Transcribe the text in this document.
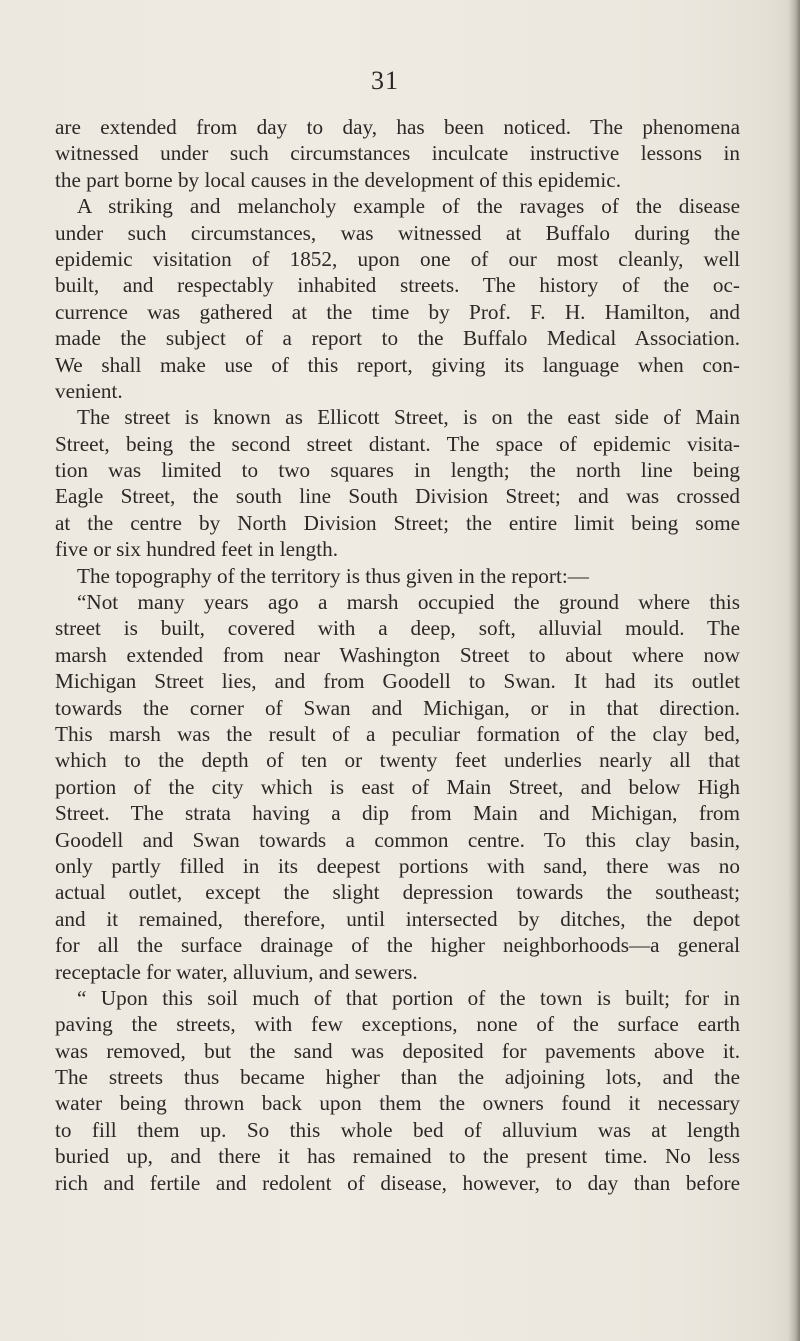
31
are extended from day to day, has been noticed. The phenomena
witnessed under such circumstances inculcate instructive lessons in
the part borne by local causes in the development of this epidemic.
A striking and melancholy example of the ravages of the disease
under such circumstances, was witnessed at Buffalo during the
epidemic visitation of 1852, upon one of our most cleanly, well
built, and respectably inhabited streets. The history of the oc-
currence was gathered at the time by Prof. F. H. Hamilton, and
made the subject of a report to the Buffalo Medical Association.
We shall make use of this report, giving its language when con-
venient.
The street is known as Ellicott Street, is on the east side of Main
Street, being the second street distant. The space of epidemic visita-
tion was limited to two squares in length; the north line being
Eagle Street, the south line South Division Street; and was crossed
at the centre by North Division Street; the entire limit being some
five or six hundred feet in length.
The topography of the territory is thus given in the report:—
“Not many years ago a marsh occupied the ground where this
street is built, covered with a deep, soft, alluvial mould. The
marsh extended from near Washington Street to about where now
Michigan Street lies, and from Goodell to Swan. It had its outlet
towards the corner of Swan and Michigan, or in that direction.
This marsh was the result of a peculiar formation of the clay bed,
which to the depth of ten or twenty feet underlies nearly all that
portion of the city which is east of Main Street, and below High
Street. The strata having a dip from Main and Michigan, from
Goodell and Swan towards a common centre. To this clay basin,
only partly filled in its deepest portions with sand, there was no
actual outlet, except the slight depression towards the southeast;
and it remained, therefore, until intersected by ditches, the depot
for all the surface drainage of the higher neighborhoods—a general
receptacle for water, alluvium, and sewers.
“ Upon this soil much of that portion of the town is built; for in
paving the streets, with few exceptions, none of the surface earth
was removed, but the sand was deposited for pavements above it.
The streets thus became higher than the adjoining lots, and the
water being thrown back upon them the owners found it necessary
to fill them up. So this whole bed of alluvium was at length
buried up, and there it has remained to the present time. No less
rich and fertile and redolent of disease, however, to day than before
